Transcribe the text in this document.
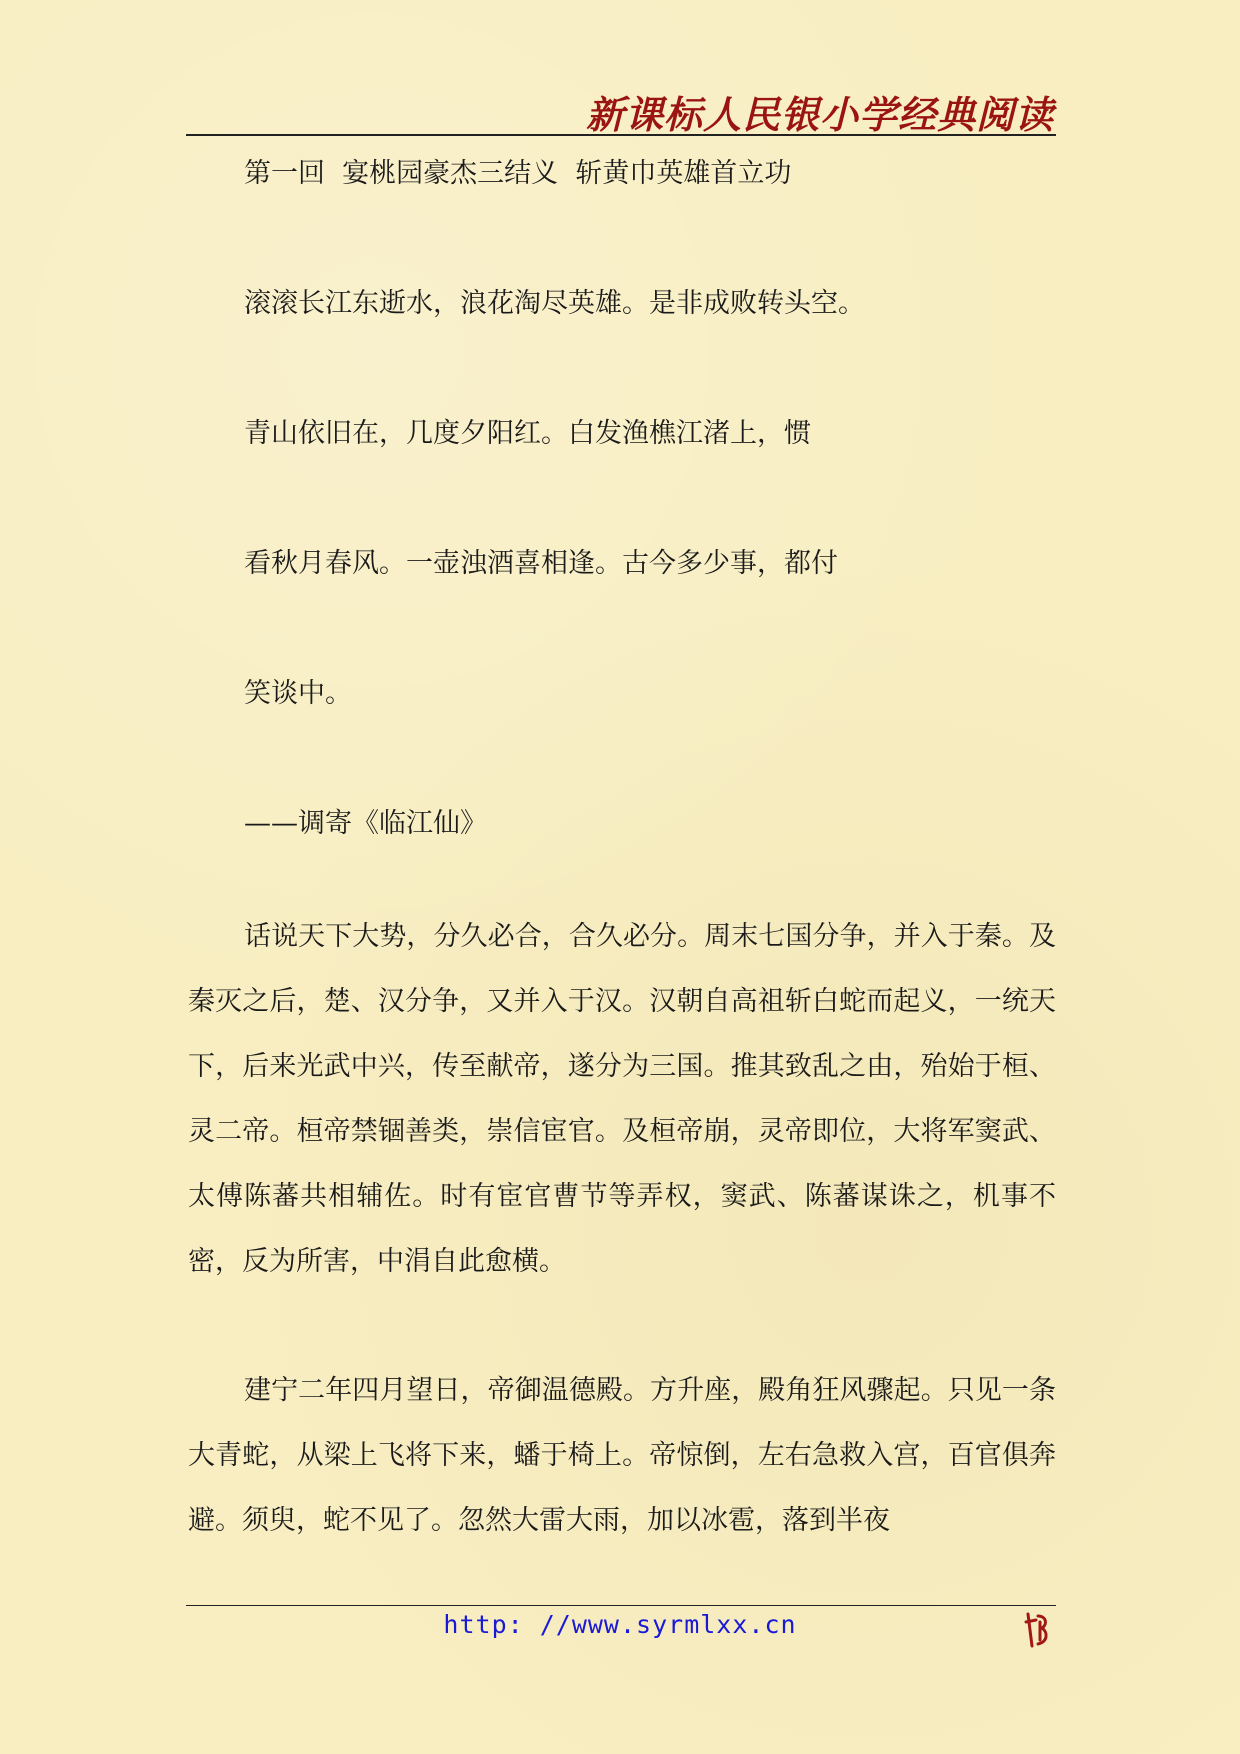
新课标人民银小学经典阅读

第一回  宴桃园豪杰三结义  斩黄巾英雄首立功

滚滚长江东逝水，浪花淘尽英雄。是非成败转头空。

青山依旧在，几度夕阳红。白发渔樵江渚上，惯

看秋月春风。一壶浊酒喜相逢。古今多少事，都付

笑谈中。

——调寄《临江仙》

话说天下大势，分久必合，合久必分。周末七国分争，并入于秦。及秦灭之后，楚、汉分争，又并入于汉。汉朝自高祖斩白蛇而起义，一统天下，后来光武中兴，传至献帝，遂分为三国。推其致乱之由，殆始于桓、灵二帝。桓帝禁锢善类，崇信宦官。及桓帝崩，灵帝即位，大将军窦武、太傅陈蕃共相辅佐。时有宦官曹节等弄权，窦武、陈蕃谋诛之，机事不密，反为所害，中涓自此愈横。

建宁二年四月望日，帝御温德殿。方升座，殿角狂风骤起。只见一条大青蛇，从梁上飞将下来，蟠于椅上。帝惊倒，左右急救入宫，百官俱奔避。须臾，蛇不见了。忽然大雷大雨，加以冰雹，落到半夜

http: //www.syrmlxx.cn
